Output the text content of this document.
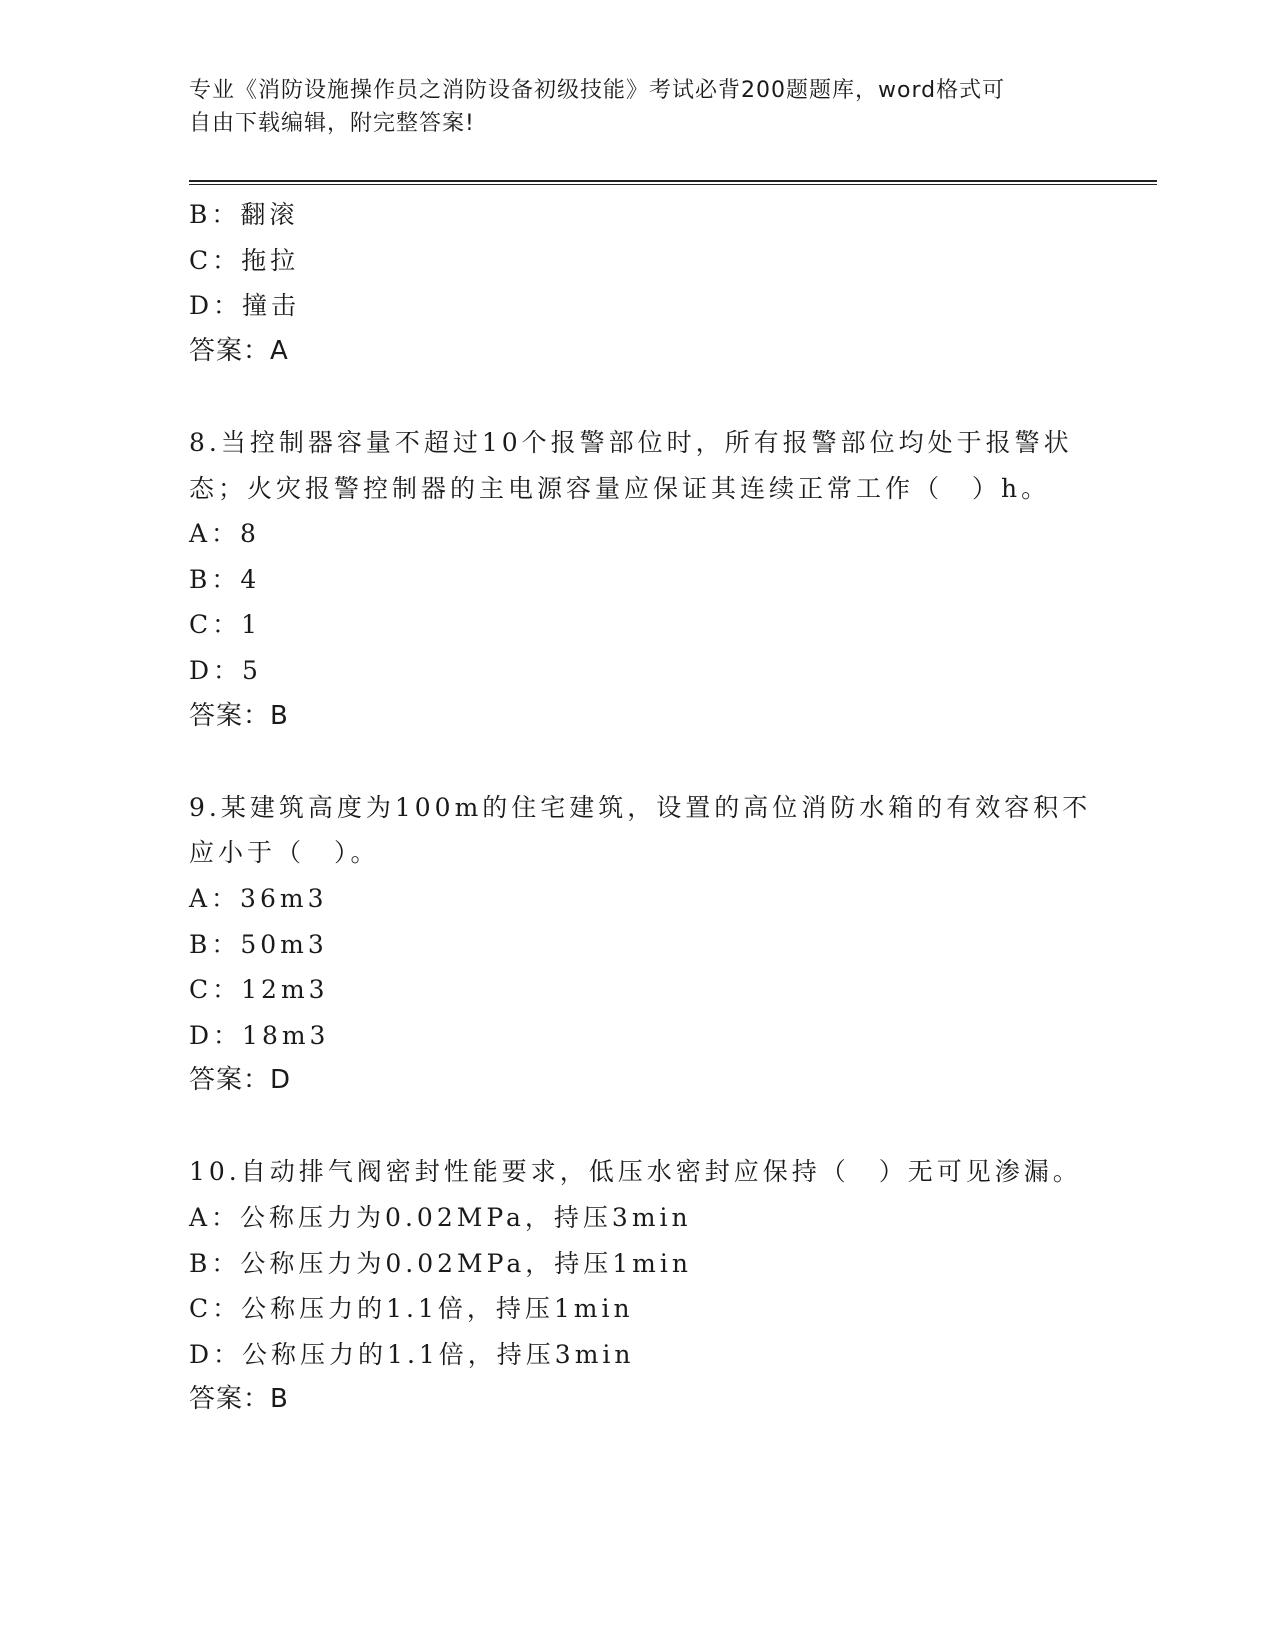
专业《消防设施操作员之消防设备初级技能》考试必背200题题库，word格式可
自由下载编辑，附完整答案!
B：翻滚
C：拖拉
D：撞击
答案：A
8.当控制器容量不超过10个报警部位时，所有报警部位均处于报警状
态；火灾报警控制器的主电源容量应保证其连续正常工作（　）h。
A：8
B：4
C：1
D：5
答案：B
9.某建筑高度为100m的住宅建筑，设置的高位消防水箱的有效容积不
应小于（　）。
A：36m3
B：50m3
C：12m3
D：18m3
答案：D
10.自动排气阀密封性能要求，低压水密封应保持（　）无可见渗漏。
A：公称压力为0.02MPa，持压3min
B：公称压力为0.02MPa，持压1min
C：公称压力的1.1倍，持压1min
D：公称压力的1.1倍，持压3min
答案：B
